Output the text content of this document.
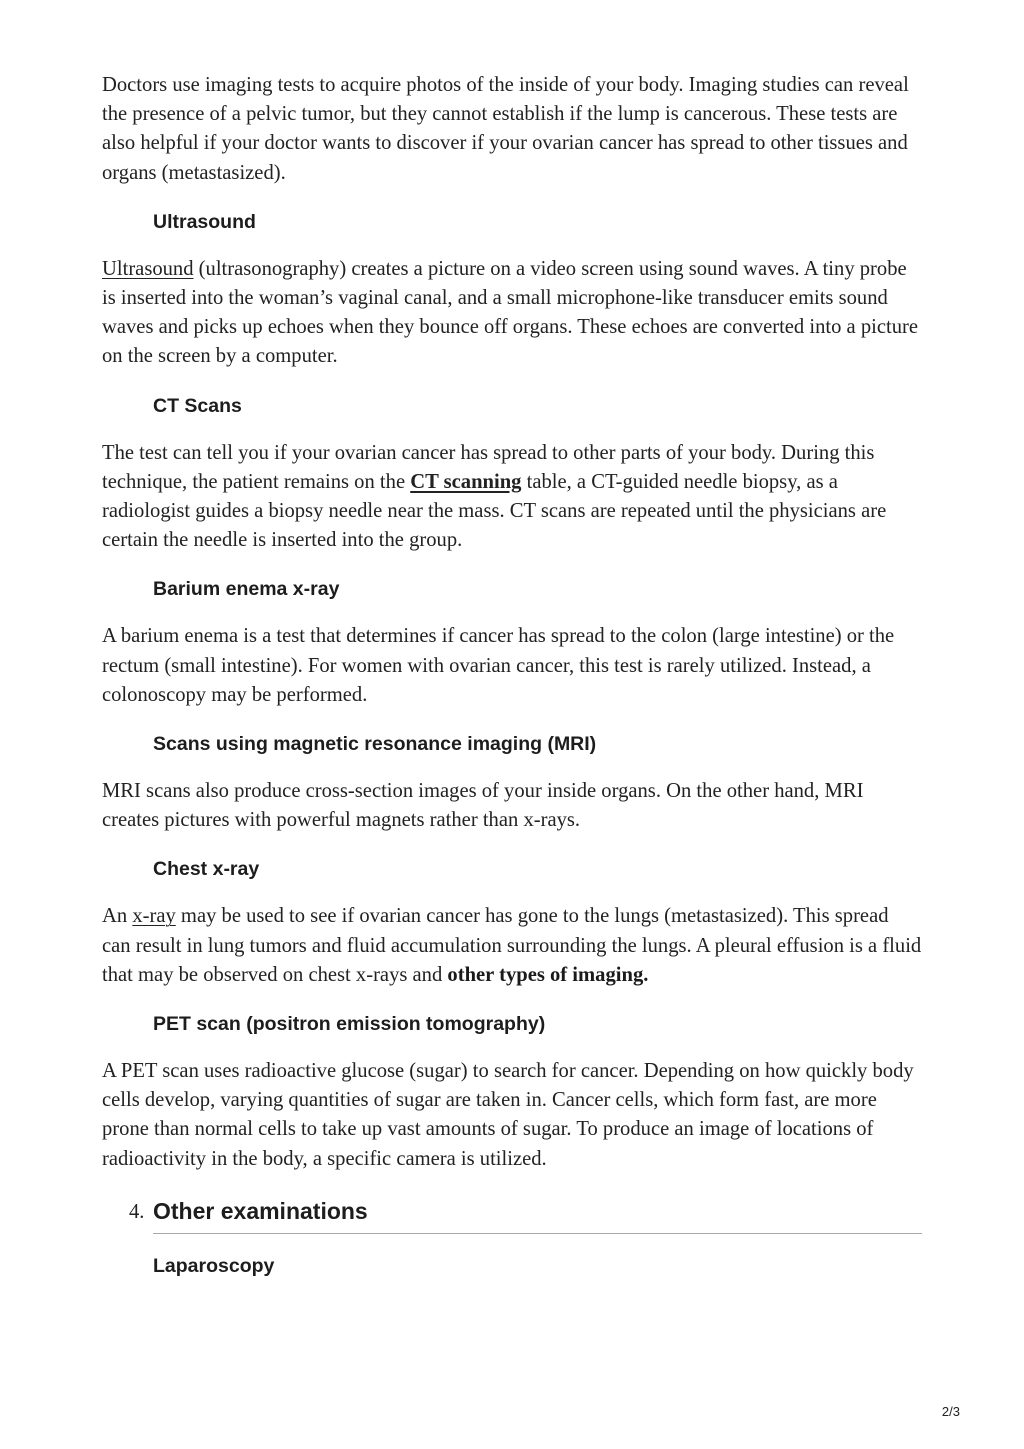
Doctors use imaging tests to acquire photos of the inside of your body. Imaging studies can reveal the presence of a pelvic tumor, but they cannot establish if the lump is cancerous. These tests are also helpful if your doctor wants to discover if your ovarian cancer has spread to other tissues and organs (metastasized).

Ultrasound

Ultrasound (ultrasonography) creates a picture on a video screen using sound waves. A tiny probe is inserted into the woman’s vaginal canal, and a small microphone-like transducer emits sound waves and picks up echoes when they bounce off organs. These echoes are converted into a picture on the screen by a computer.

CT Scans

The test can tell you if your ovarian cancer has spread to other parts of your body. During this technique, the patient remains on the CT scanning table, a CT-guided needle biopsy, as a radiologist guides a biopsy needle near the mass. CT scans are repeated until the physicians are certain the needle is inserted into the group.

Barium enema x-ray

A barium enema is a test that determines if cancer has spread to the colon (large intestine) or the rectum (small intestine). For women with ovarian cancer, this test is rarely utilized. Instead, a colonoscopy may be performed.

Scans using magnetic resonance imaging (MRI)

MRI scans also produce cross-section images of your inside organs. On the other hand, MRI creates pictures with powerful magnets rather than x-rays.

Chest x-ray

An x-ray may be used to see if ovarian cancer has gone to the lungs (metastasized). This spread can result in lung tumors and fluid accumulation surrounding the lungs. A pleural effusion is a fluid that may be observed on chest x-rays and other types of imaging.

PET scan (positron emission tomography)

A PET scan uses radioactive glucose (sugar) to search for cancer. Depending on how quickly body cells develop, varying quantities of sugar are taken in. Cancer cells, which form fast, are more prone than normal cells to take up vast amounts of sugar. To produce an image of locations of radioactivity in the body, a specific camera is utilized.

4. Other examinations
Laparoscopy
2/3
